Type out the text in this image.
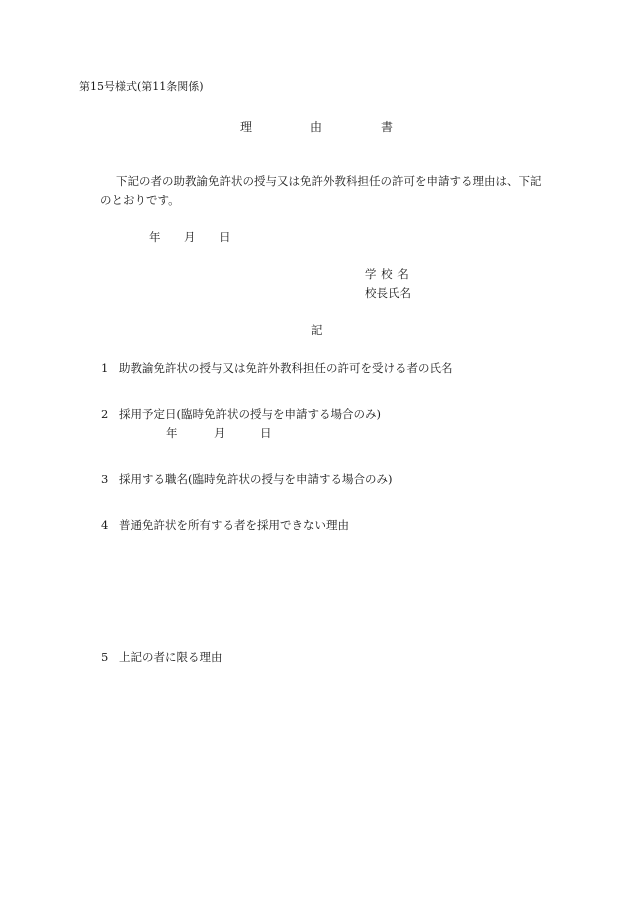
第15号様式(第11条関係)
理	由	書
下記の者の助教諭免許状の授与又は免許外教科担任の許可を申請する理由は、下記
のとおりです。
年 月 日
学 校 名
校長氏名
記
1 助教諭免許状の授与又は免許外教科担任の許可を受ける者の氏名
2 採用予定日(臨時免許状の授与を申請する場合のみ)
年	月	日
3 採用する職名(臨時免許状の授与を申請する場合のみ)
4 普通免許状を所有する者を採用できない理由
5 上記の者に限る理由
